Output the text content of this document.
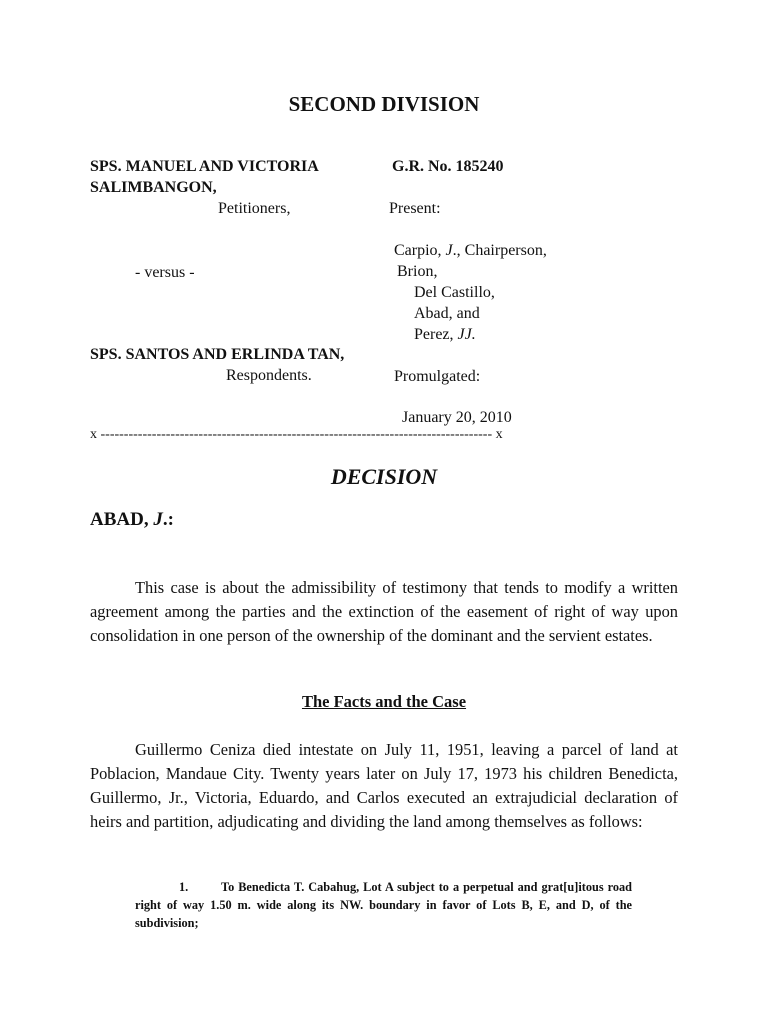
SECOND DIVISION
SPS. MANUEL AND VICTORIA
SALIMBANGON,
Petitioners,
- versus -
SPS. SANTOS AND ERLINDA TAN,
Respondents.
G.R. No. 185240
Present:
Carpio, J., Chairperson,
Brion,
Del Castillo,
Abad, and
Perez, JJ.
Promulgated:
January 20, 2010
x ------------------------------------------------------------------------------------ x
DECISION
ABAD, J.:
This case is about the admissibility of testimony that tends to modify a written agreement among the parties and the extinction of the easement of right of way upon consolidation in one person of the ownership of the dominant and the servient estates.
The Facts and the Case
Guillermo Ceniza died intestate on July 11, 1951, leaving a parcel of land at Poblacion, Mandaue City. Twenty years later on July 17, 1973 his children Benedicta, Guillermo, Jr., Victoria, Eduardo, and Carlos executed an extrajudicial declaration of heirs and partition, adjudicating and dividing the land among themselves as follows:
1.	To Benedicta T. Cabahug, Lot A subject to a perpetual and grat[u]itous road right of way 1.50 m. wide along its NW. boundary in favor of Lots B, E, and D, of the subdivision;
